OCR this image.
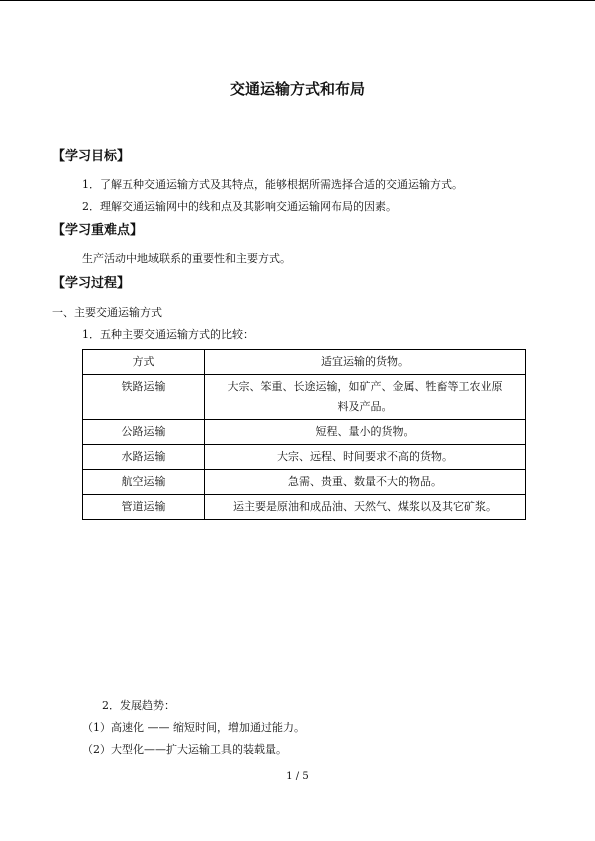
交通运输方式和布局
【学习目标】
1．了解五种交通运输方式及其特点，能够根据所需选择合适的交通运输方式。
2．理解交通运输网中的线和点及其影响交通运输网布局的因素。
【学习重难点】
生产活动中地域联系的重要性和主要方式。
【学习过程】
一、主要交通运输方式
1．五种主要交通运输方式的比较：
方式	适宜运输的货物。
铁路运输	大宗、笨重、长途运输，如矿产、金属、牲畜等工农业原
料及产品。

公路运输	短程、量小的货物。
水路运输	大宗、远程、时间要求不高的货物。
航空运输	急需、贵重、数量不大的物品。
管道运输	运主要是原油和成品油、天然气、煤浆以及其它矿浆。
2．发展趋势：
（1）高速化 —— 缩短时间，增加通过能力。
（2）大型化——扩大运输工具的装载量。
1 / 5
